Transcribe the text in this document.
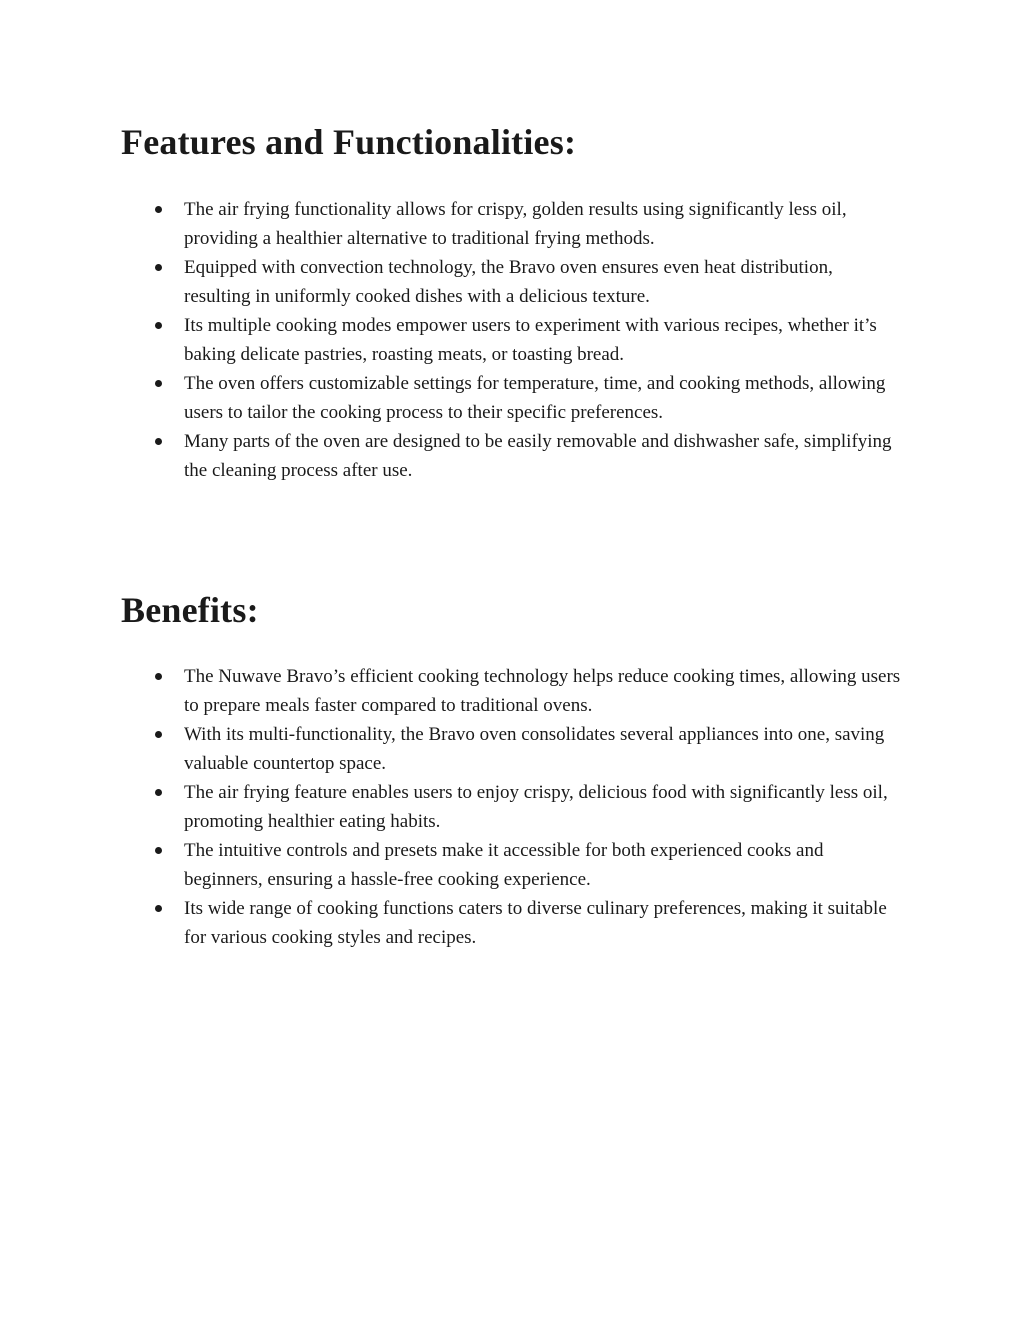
Features and Functionalities:
The air frying functionality allows for crispy, golden results using significantly less oil, providing a healthier alternative to traditional frying methods.
Equipped with convection technology, the Bravo oven ensures even heat distribution, resulting in uniformly cooked dishes with a delicious texture.
Its multiple cooking modes empower users to experiment with various recipes, whether it’s baking delicate pastries, roasting meats, or toasting bread.
The oven offers customizable settings for temperature, time, and cooking methods, allowing users to tailor the cooking process to their specific preferences.
Many parts of the oven are designed to be easily removable and dishwasher safe, simplifying the cleaning process after use.
Benefits:
The Nuwave Bravo’s efficient cooking technology helps reduce cooking times, allowing users to prepare meals faster compared to traditional ovens.
With its multi-functionality, the Bravo oven consolidates several appliances into one, saving valuable countertop space.
The air frying feature enables users to enjoy crispy, delicious food with significantly less oil, promoting healthier eating habits.
The intuitive controls and presets make it accessible for both experienced cooks and beginners, ensuring a hassle-free cooking experience.
Its wide range of cooking functions caters to diverse culinary preferences, making it suitable for various cooking styles and recipes.
